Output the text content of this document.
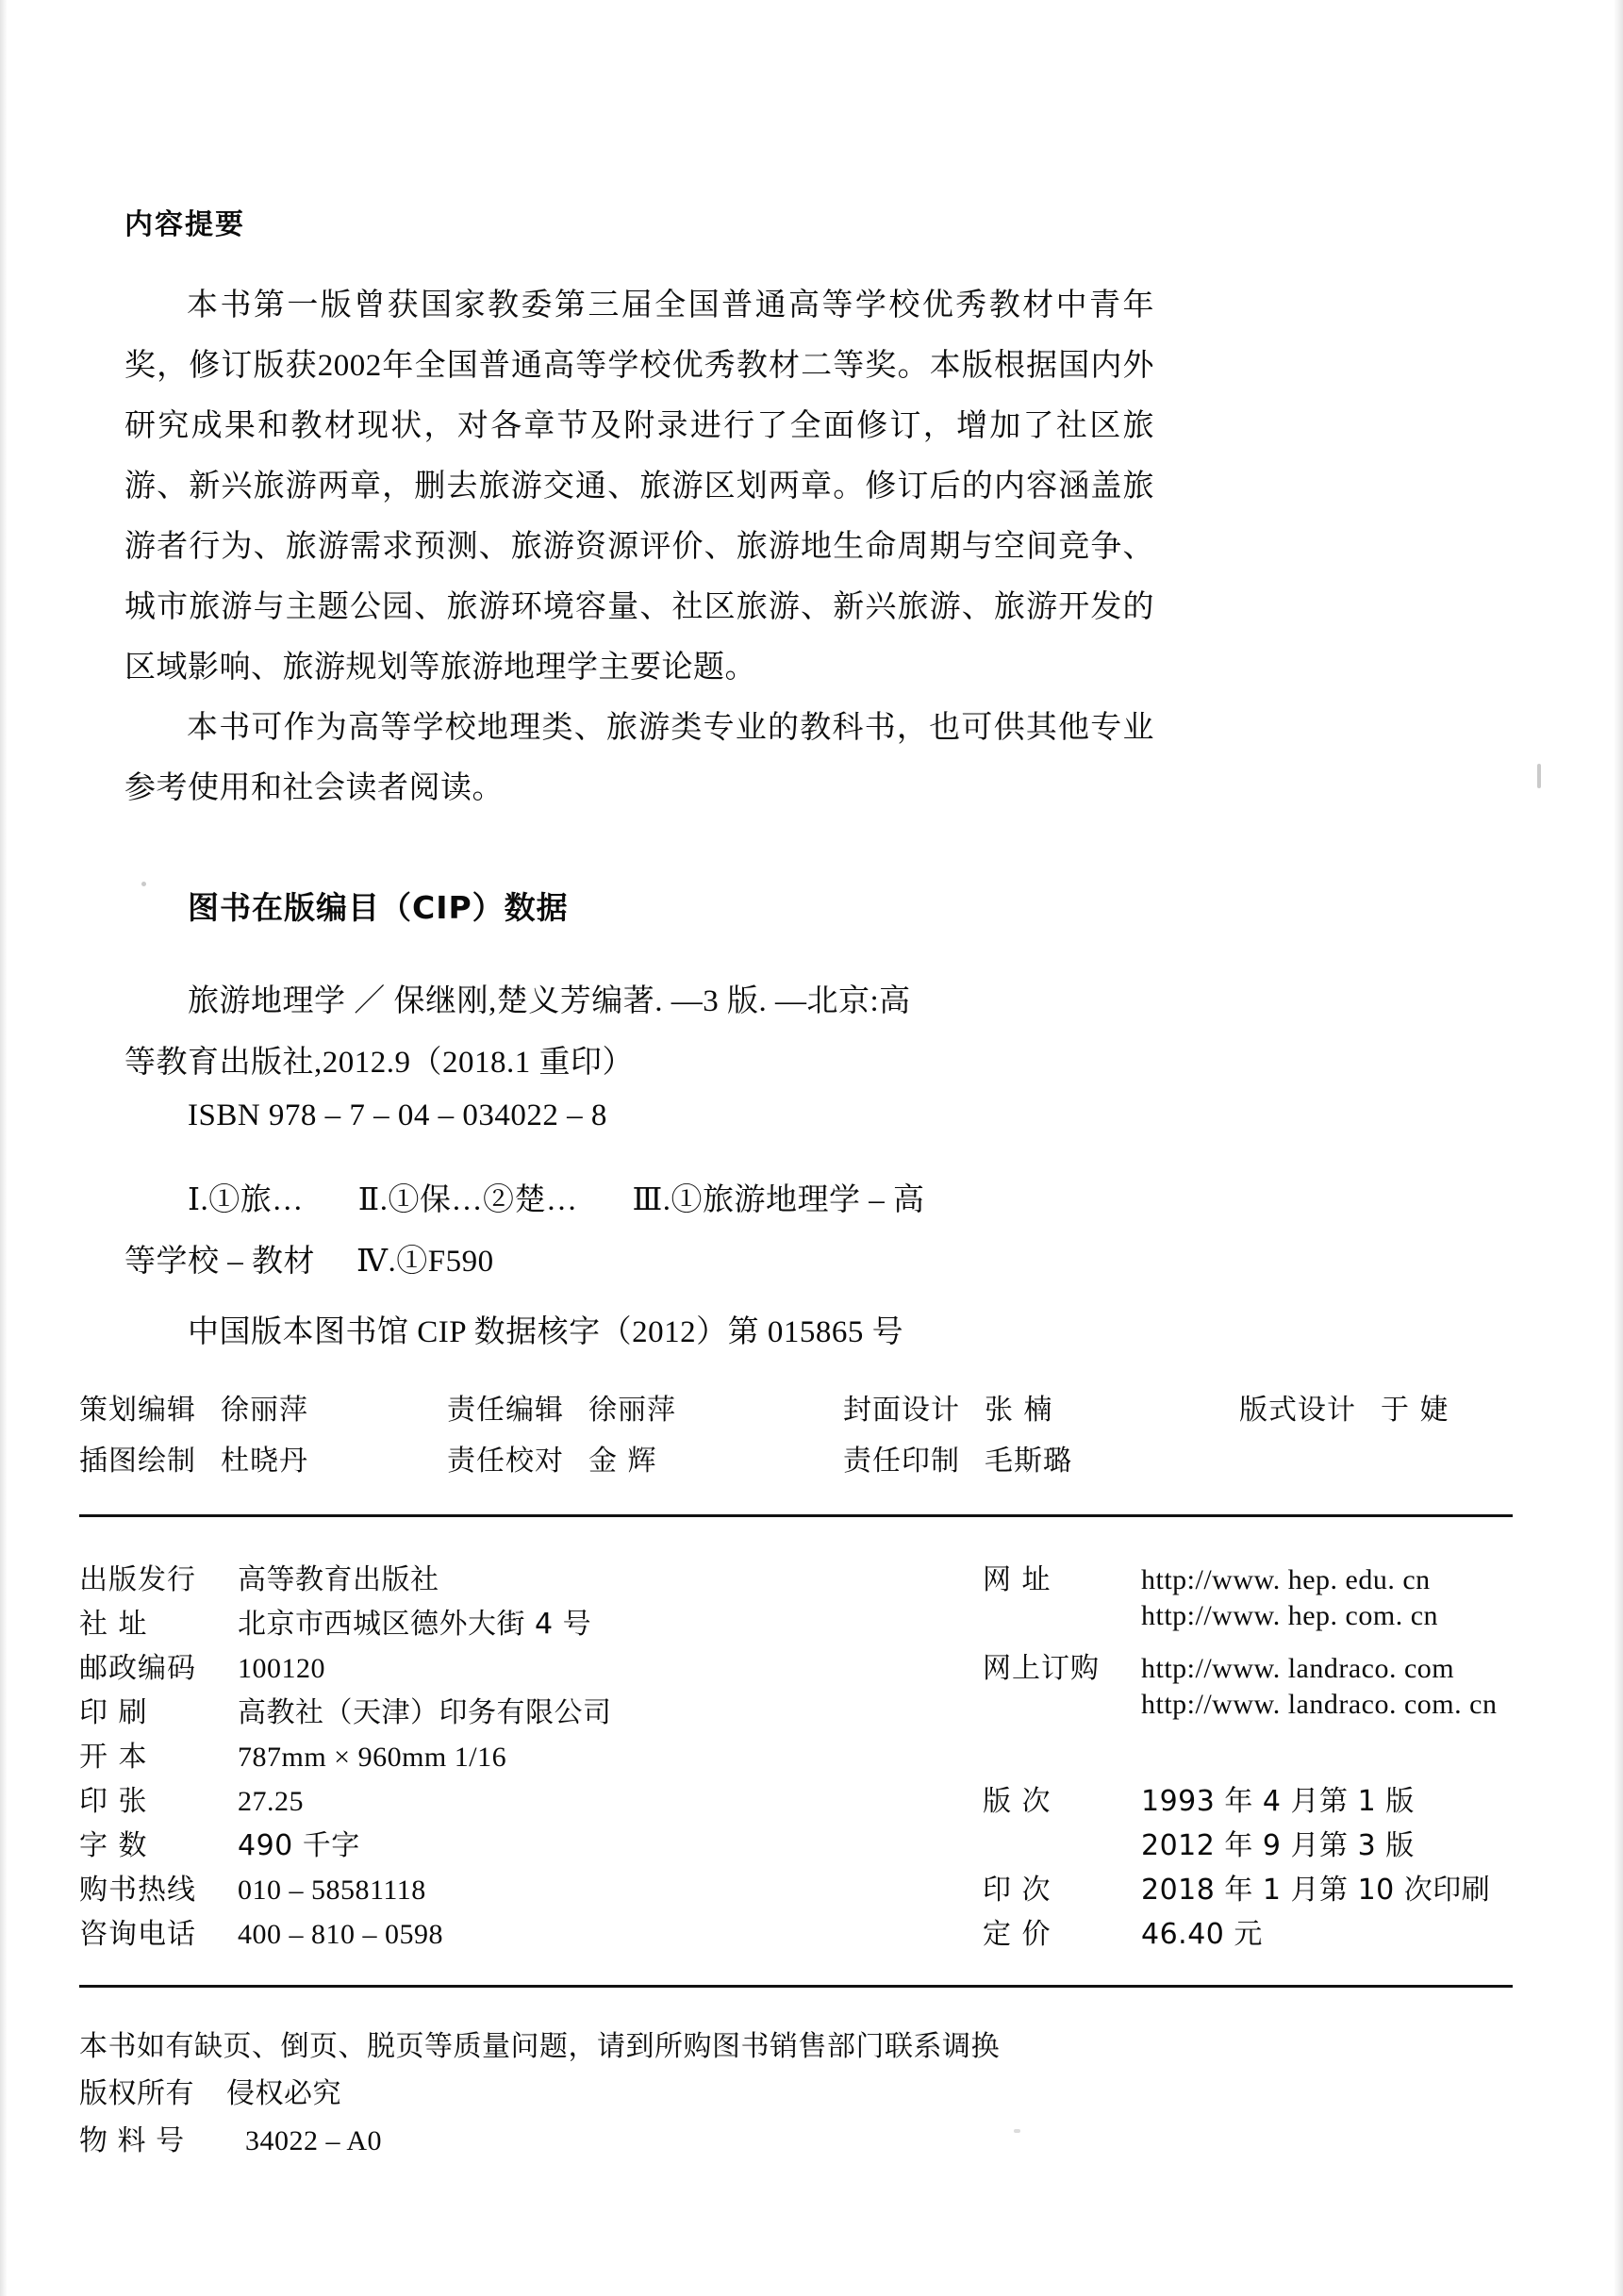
内容提要

本书第一版曾获国家教委第三届全国普通高等学校优秀教材中青年奖，修订版获2002年全国普通高等学校优秀教材二等奖。本版根据国内外研究成果和教材现状，对各章节及附录进行了全面修订，增加了社区旅游、新兴旅游两章，删去旅游交通、旅游区划两章。修订后的内容涵盖旅游者行为、旅游需求预测、旅游资源评价、旅游地生命周期与空间竞争、城市旅游与主题公园、旅游环境容量、社区旅游、新兴旅游、旅游开发的区域影响、旅游规划等旅游地理学主要论题。

本书可作为高等学校地理类、旅游类专业的教科书，也可供其他专业参考使用和社会读者阅读。

图书在版编目（CIP）数据
旅游地理学 ／ 保继刚,楚义芳编著. —3 版. —北京:高
等教育出版社,2012.9（2018.1 重印）
ISBN 978 – 7 – 04 – 034022 – 8
Ⅰ.①旅… Ⅱ.①保…②楚… Ⅲ.①旅游地理学 – 高
等学校 – 教材 Ⅳ.①F590
中国版本图书馆 CIP 数据核字（2012）第 015865 号
策划编辑 徐丽萍	责任编辑 徐丽萍	封面设计 张 楠	版式设计 于 婕
插图绘制 杜晓丹	责任校对 金 辉	责任印制 毛斯璐
出版发行	高等教育出版社
社 址	北京市西城区德外大街 4 号
邮政编码	100120
印 刷	高教社（天津）印务有限公司
开 本	787mm × 960mm 1/16
印 张	27.25
字 数	490 千字
购书热线	010 – 58581118
咨询电话	400 – 810 – 0598
网 址	http://www. hep. edu. cn
http://www. hep. com. cn
网上订购	http://www. landraco. com
http://www. landraco. com. cn
版 次	1993 年 4 月第 1 版
2012 年 9 月第 3 版
印 次	2018 年 1 月第 10 次印刷
定 价	46.40 元
本书如有缺页、倒页、脱页等质量问题，请到所购图书销售部门联系调换
版权所有 侵权必究
物 料 号 34022 – A0
